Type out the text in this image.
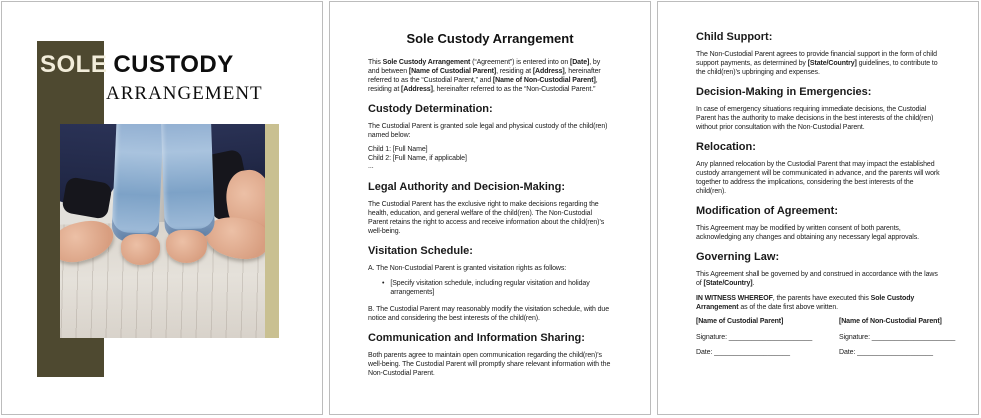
SOLE CUSTODY
ARRANGEMENT
Sole Custody Arrangement

This Sole Custody Arrangement (“Agreement”) is entered into on [Date], by and between [Name of Custodial Parent], residing at [Address], hereinafter referred to as the “Custodial Parent,” and [Name of Non-Custodial Parent], residing at [Address], hereinafter referred to as the “Non-Custodial Parent.”

Custody Determination:

The Custodial Parent is granted sole legal and physical custody of the child(ren) named below:

Child 1: [Full Name]
Child 2: [Full Name, if applicable]
...
Legal Authority and Decision-Making:

The Custodial Parent has the exclusive right to make decisions regarding the health, education, and general welfare of the child(ren). The Non-Custodial Parent retains the right to access and receive information about the child(ren)’s well-being.

Visitation Schedule:

A. The Non-Custodial Parent is granted visitation rights as follows:

• [Specify visitation schedule, including regular visitation and holiday arrangements]

B. The Custodial Parent may reasonably modify the visitation schedule, with due notice and considering the best interests of the child(ren).

Communication and Information Sharing:

Both parents agree to maintain open communication regarding the child(ren)’s well-being. The Custodial Parent will promptly share relevant information with the Non-Custodial Parent.

Child Support:

The Non-Custodial Parent agrees to provide financial support in the form of child support payments, as determined by [State/Country] guidelines, to contribute to the child(ren)’s upbringing and expenses.

Decision-Making in Emergencies:

In case of emergency situations requiring immediate decisions, the Custodial Parent has the authority to make decisions in the best interests of the child(ren) without prior consultation with the Non-Custodial Parent.

Relocation:

Any planned relocation by the Custodial Parent that may impact the established custody arrangement will be communicated in advance, and the parents will work together to address the implications, considering the best interests of the child(ren).

Modification of Agreement:

This Agreement may be modified by written consent of both parents, acknowledging any changes and obtaining any necessary legal approvals.

Governing Law:

This Agreement shall be governed by and construed in accordance with the laws of [State/Country].

IN WITNESS WHEREOF, the parents have executed this Sole Custody Arrangement as of the date first above written.

[Name of Custodial Parent]
Signature: ______________________
Date: ____________________
[Name of Non-Custodial Parent]
Signature: ______________________
Date: ____________________
